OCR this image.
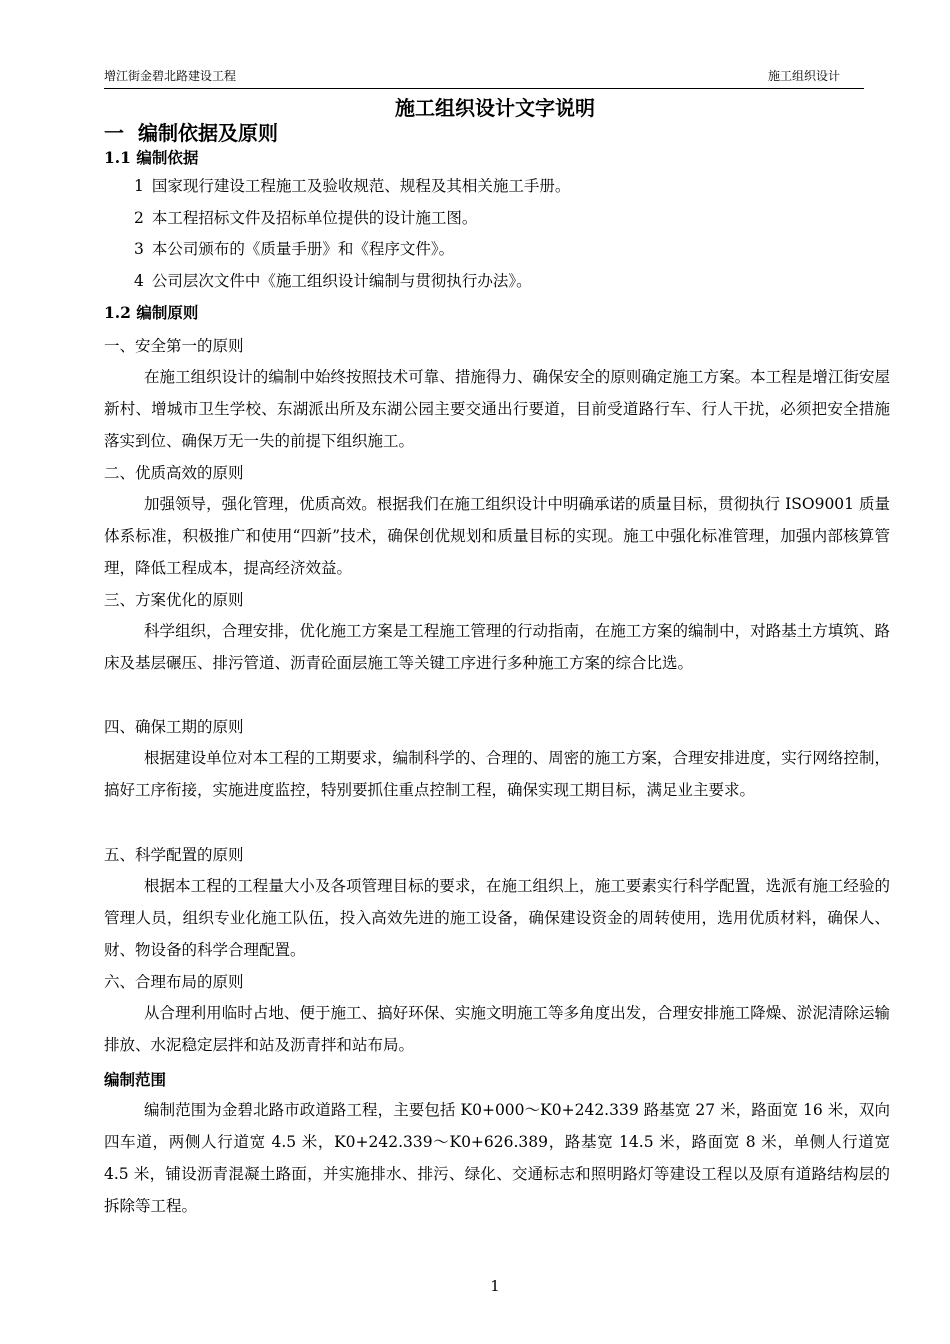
增江街金碧北路建设工程	施工组织设计
施工组织设计文字说明
一 编制依据及原则
1.1 编制依据
1 国家现行建设工程施工及验收规范、规程及其相关施工手册。
2 本工程招标文件及招标单位提供的设计施工图。
3 本公司颁布的《质量手册》和《程序文件》。
4 公司层次文件中《施工组织设计编制与贯彻执行办法》。
1.2 编制原则
一、安全第一的原则
在施工组织设计的编制中始终按照技术可靠、措施得力、确保安全的原则确定施工方案。本工程是增江街安屋新村、增城市卫生学校、东湖派出所及东湖公园主要交通出行要道，目前受道路行车、行人干扰，必须把安全措施落实到位、确保万无一失的前提下组织施工。
二、优质高效的原则
加强领导，强化管理，优质高效。根据我们在施工组织设计中明确承诺的质量目标，贯彻执行 ISO9001 质量体系标准，积极推广和使用“四新”技术，确保创优规划和质量目标的实现。施工中强化标准管理，加强内部核算管理，降低工程成本，提高经济效益。
三、方案优化的原则
科学组织，合理安排，优化施工方案是工程施工管理的行动指南，在施工方案的编制中，对路基土方填筑、路床及基层碾压、排污管道、沥青砼面层施工等关键工序进行多种施工方案的综合比选。
四、确保工期的原则
根据建设单位对本工程的工期要求，编制科学的、合理的、周密的施工方案，合理安排进度，实行网络控制，搞好工序衔接，实施进度监控，特别要抓住重点控制工程，确保实现工期目标，满足业主要求。
五、科学配置的原则
根据本工程的工程量大小及各项管理目标的要求，在施工组织上，施工要素实行科学配置，选派有施工经验的管理人员，组织专业化施工队伍，投入高效先进的施工设备，确保建设资金的周转使用，选用优质材料，确保人、财、物设备的科学合理配置。
六、合理布局的原则
从合理利用临时占地、便于施工、搞好环保、实施文明施工等多角度出发，合理安排施工降燥、淤泥清除运输排放、水泥稳定层拌和站及沥青拌和站布局。
编制范围
编制范围为金碧北路市政道路工程，主要包括 K0+000～K0+242.339 路基宽 27 米，路面宽 16 米，双向四车道，两侧人行道宽 4.5 米，K0+242.339～K0+626.389，路基宽 14.5 米，路面宽 8 米，单侧人行道宽 4.5 米，铺设沥青混凝土路面，并实施排水、排污、绿化、交通标志和照明路灯等建设工程以及原有道路结构层的拆除等工程。
1
